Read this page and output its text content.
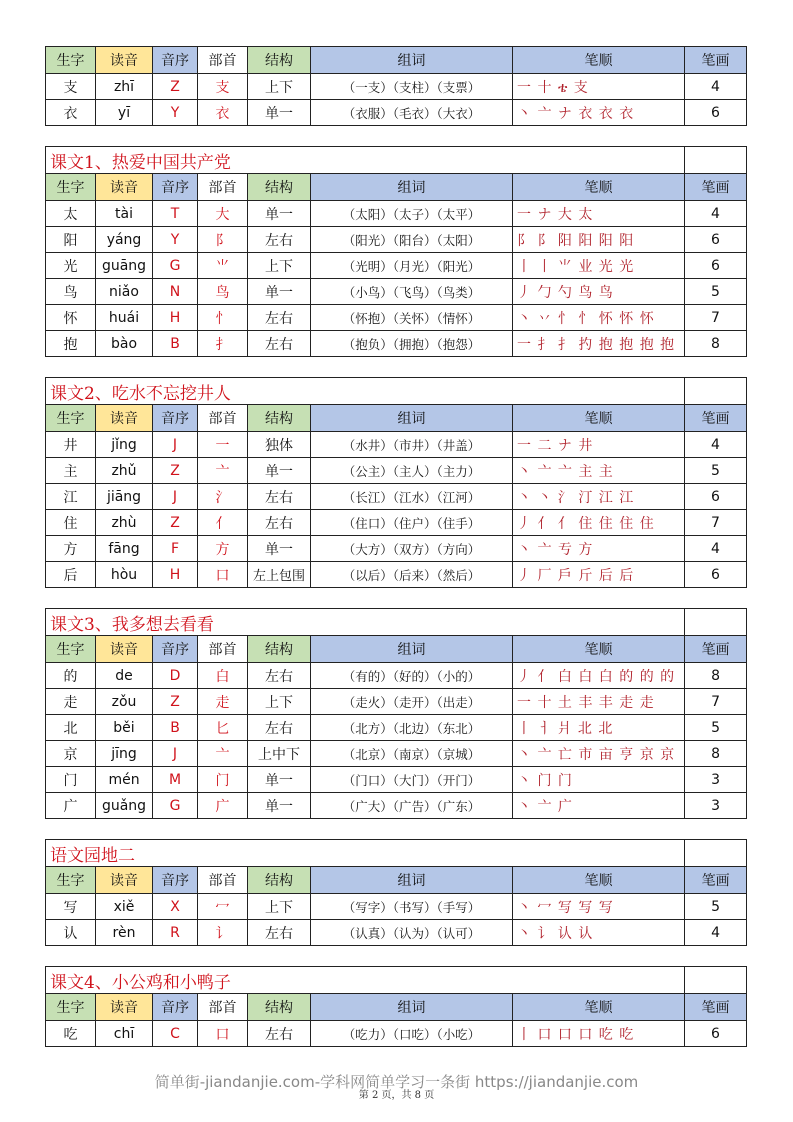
生字	读音	音序	部首	结构	组词	笔顺	笔画
支	zhī	Z	支	上下	（一支）（支柱）（支票）	一 十 ቴ 支	4
衣	yī	Y	衣	单一	（衣服）（毛衣）（大衣）	丶 亠 ナ 衣 衣 衣	6
课文1、热爱中国共产党							
生字	读音	音序	部首	结构	组词	笔顺	笔画
太	tài	T	大	单一	（太阳）（太子）（太平）	一 ナ 大 太	4
阳	yáng	Y	阝	左右	（阳光）（阳台）（太阳）	阝 阝 阳 阳 阳 阳	6
光	guāng	G	⺌	上下	（光明）（月光）（阳光）	丨 丨 ⺌ 业 光 光	6
鸟	niǎo	N	鸟	单一	（小鸟）（飞鸟）（鸟类）	丿 勹 勺 鸟 鸟	5
怀	huái	H	忄	左右	（怀抱）（关怀）（情怀）	丶 丷 忄 忄 怀 怀 怀	7
抱	bào	B	扌	左右	（抱负）（拥抱）（抱怨）	一 扌 扌 扚 抱 抱 抱 抱	8
课文2、吃水不忘挖井人							
生字	读音	音序	部首	结构	组词	笔顺	笔画
井	jǐng	J	一	独体	（水井）（市井）（井盖）	一 二 ナ 井	4
主	zhǔ	Z	亠	单一	（公主）（主人）（主力）	丶 亠 亠 主 主	5
江	jiāng	J	氵	左右	（长江）（江水）（江河）	丶 丶 氵 汀 江 江	6
住	zhù	Z	亻	左右	（住口）（住户）（住手）	丿 亻 亻 住 住 住 住	7
方	fāng	F	方	单一	（大方）（双方）（方向）	丶 亠 亐 方	4
后	hòu	H	口	左上包围	（以后）（后来）（然后）	丿 厂 戶 斤 后 后	6
课文3、我多想去看看							
生字	读音	音序	部首	结构	组词	笔顺	笔画
的	de	D	白	左右	（有的）（好的）（小的）	丿 亻 白 白 白 的 的 的	8
走	zǒu	Z	走	上下	（走火）（走开）（出走）	一 十 土 丰 丰 走 走	7
北	běi	B	匕	左右	（北方）（北边）（东北）	丨 ㅓ 爿 北 北	5
京	jīng	J	亠	上中下	（北京）（南京）（京城）	丶 亠 亡 市 亩 亨 京 京	8
门	mén	M	门	单一	（门口）（大门）（开门）	丶 门 门	3
广	guǎng	G	广	单一	（广大）（广告）（广东）	丶 亠 广	3
语文园地二							
生字	读音	音序	部首	结构	组词	笔顺	笔画
写	xiě	X	冖	上下	（写字）（书写）（手写）	丶 冖 写 写 写	5
认	rèn	R	讠	左右	（认真）（认为）（认可）	丶 讠 认 认	4
课文4、小公鸡和小鸭子							
生字	读音	音序	部首	结构	组词	笔顺	笔画
吃	chī	C	口	左右	（吃力）（口吃）（小吃）	丨 口 口 口 吃 吃	6
简单街-jiandanjie.com-学科网简单学习一条街 https://jiandanjie.com
第 2 页，共 8 页
